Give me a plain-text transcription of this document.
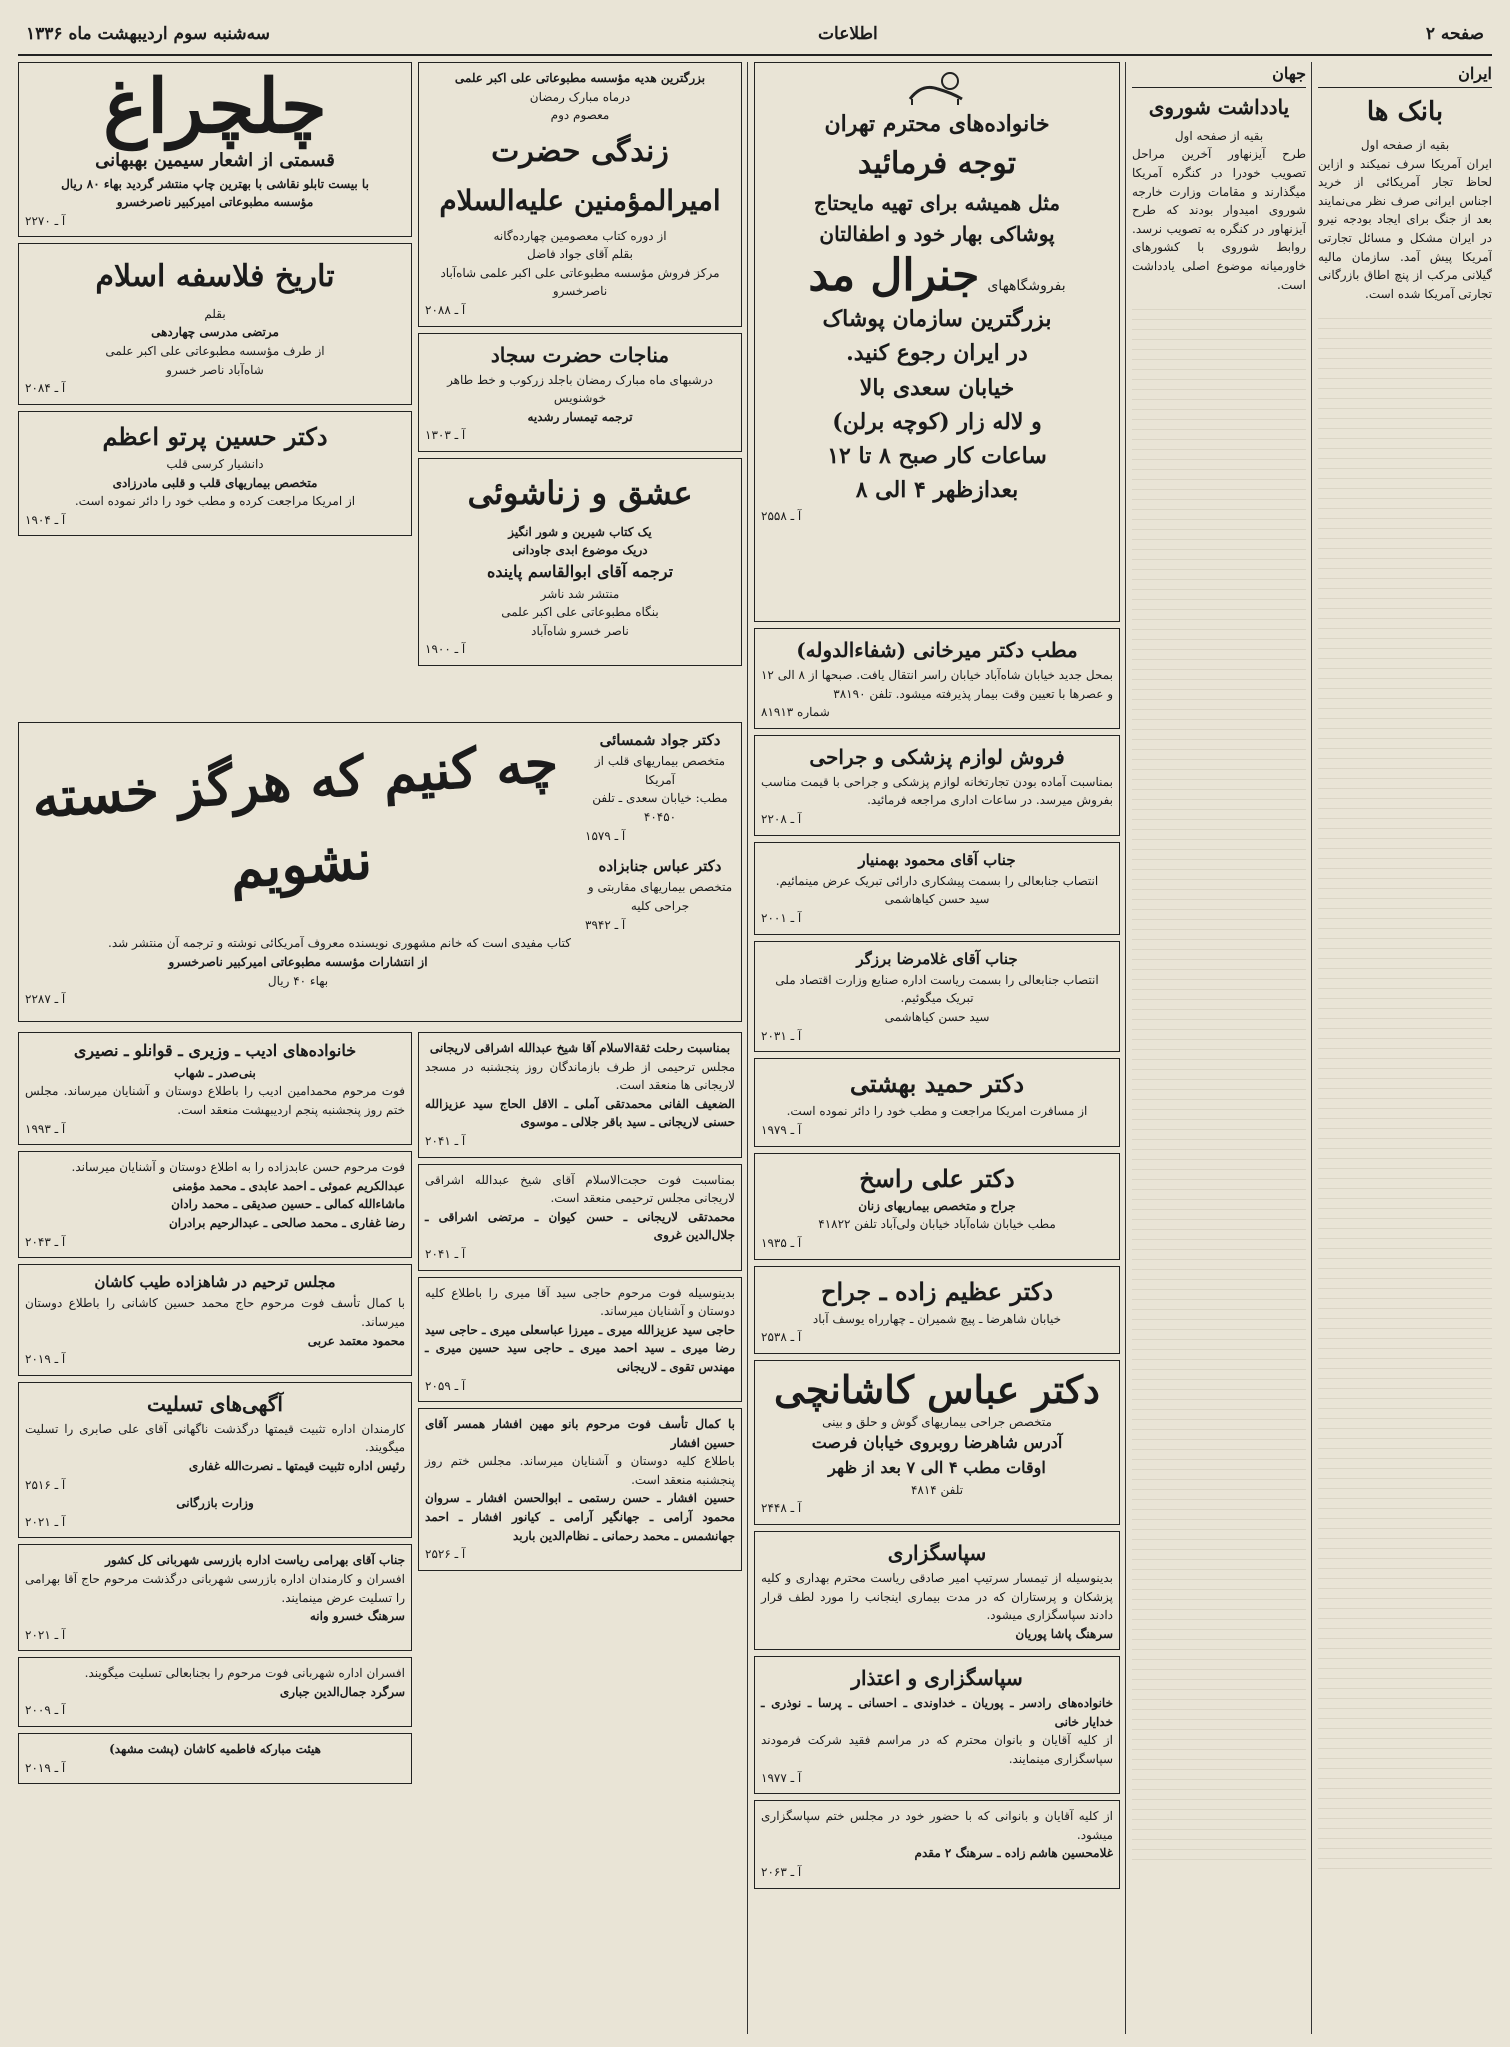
صفحه ۲
اطلاعات
سه‌شنبه سوم اردیبهشت ماه ۱۳۳۶
ایران
بانک ها
بقیه از صفحه اول

ایران آمریکا سرف نمیکند و ازاین لحاظ تجار آمریکائی از خرید اجناس ایرانی صرف نظر می‌نمایند بعد از جنگ برای ایجاد بودجه نیرو در ایران مشکل و مسائل تجارتی آمریکا پیش آمد. سازمان مالیه گیلانی مرکب از پنچ اطاق بازرگانی تجارتی آمریکا شده است.

جهان
یادداشت شوروی
بقیه از صفحه اول

طرح آیزنهاور آخرین مراحل تصویب خودرا در کنگره آمریکا میگذارند و مقامات وزارت خارجه شوروی امیدوار بودند که طرح آیزنهاور در کنگره به تصویب نرسد. روابط شوروی با کشورهای خاورمیانه موضوع اصلی یادداشت است.

خانواده‌های محترم تهران
توجه فرمائید
مثل همیشه برای تهیه مایحتاج
پوشاکی بهار خود و اطفالتان
بفروشگاههای
جنرال مد
بزرگترین سازمان پوشاک
در ایران رجوع کنید.
خیابان سعدی بالا
و لاله زار (کوچه برلن)
ساعات کار صبح ۸ تا ۱۲
بعدازظهر ۴ الی ۸
آ ـ ۲۵۵۸
مطب دکتر میرخانی (شفاءالدوله)
بمحل جدید خیابان شاه‌آباد خیابان راسر انتقال یافت. صبحها از ۸ الی ۱۲ و عصرها با تعیین وقت بیمار پذیرفته میشود. تلفن ۳۸۱۹۰
شماره ۸۱۹۱۳
فروش لوازم پزشکی و جراحی
بمناسبت آماده بودن تجارتخانه لوازم پزشکی و جراحی با قیمت مناسب بفروش میرسد. در ساعات اداری مراجعه فرمائید.
آ ـ ۲۲۰۸
جناب آقای محمود بهمنیار
انتصاب جنابعالی را بسمت پیشکاری دارائی تبریک عرض مینمائیم.
سید حسن کیاهاشمی
آ ـ ۲۰۰۱
جناب آقای غلامرضا برزگر
انتصاب جنابعالی را بسمت ریاست اداره صنایع وزارت اقتصاد ملی تبریک میگوئیم.
سید حسن کیاهاشمی
آ ـ ۲۰۳۱
دکتر حمید بهشتی
از مسافرت امریکا مراجعت و مطب خود را دائر نموده است.
آ ـ ۱۹۷۹
دکتر علی راسخ
جراح و متخصص بیماریهای زنان
مطب خیابان شاه‌آباد خیابان ولی‌آباد تلفن ۴۱۸۲۲
آ ـ ۱۹۳۵
دکتر عظیم زاده ـ جراح
خیابان شاهرضا ـ پیچ شمیران ـ چهارراه یوسف آباد
آ ـ ۲۵۳۸
دکتر عباس کاشانچی
متخصص جراحی بیماریهای گوش و حلق و بینی
آدرس شاهرضا روبروی خیابان فرصت
اوقات مطب ۴ الی ۷ بعد از ظهر
تلفن ۴۸۱۴
آ ـ ۲۴۴۸
سپاسگزاری
بدینوسیله از تیمسار سرتیپ امیر صادقی ریاست محترم بهداری و کلیه پزشکان و پرستاران که در مدت بیماری اینجانب را مورد لطف قرار دادند سپاسگزاری میشود.
سرهنگ پاشا پوریان
سپاسگزاری و اعتذار
خانواده‌های رادسر ـ پوریان ـ خداوندی ـ احسانی ـ پرسا ـ نوذری ـ خدایار خانی
از کلیه آقایان و بانوان محترم که در مراسم فقید شرکت فرمودند سپاسگزاری مینمایند.
آ ـ ۱۹۷۷
از کلیه آقایان و بانوانی که با حضور خود در مجلس ختم سپاسگزاری میشود.
غلامحسین هاشم زاده ـ سرهنگ ۲ مقدم
آ ـ ۲۰۶۳
بزرگترین هدیه مؤسسه مطبوعاتی علی اکبر علمی
درماه مبارک رمضان
معصوم دوم
زندگی حضرت
امیرالمؤمنین علیه‌السلام
از دوره کتاب معصومین چهارده‌گانه
بقلم آقای جواد فاضل
مرکز فروش مؤسسه مطبوعاتی علی اکبر علمی شاه‌آباد ناصرخسرو
آ ـ ۲۰۸۸
مناجات حضرت سجاد
درشبهای ماه مبارک رمضان باجلد زرکوب و خط طاهر خوشنویس
ترجمه تیمسار رشدیه
آ ـ ۱۳۰۳
عشق و زناشوئی
یک کتاب شیرین و شور انگیز
دریک موضوع ابدی جاودانی
ترجمه آقای ابوالقاسم پاینده
منتشر شد ناشر
بنگاه مطبوعاتی علی اکبر علمی
ناصر خسرو شاه‌آباد
آ ـ ۱۹۰۰
چلچراغ
قسمتی از اشعار سیمین بهبهانی
با بیست تابلو نقاشی با بهترین چاپ منتشر گردید بهاء ۸۰ ریال
مؤسسه مطبوعاتی امیرکبیر ناصرخسرو
آ ـ ۲۲۷۰
تاریخ فلاسفه اسلام
بقلم
مرتضی مدرسی چهاردهی
از طرف مؤسسه مطبوعاتی علی اکبر علمی
شاه‌آباد ناصر خسرو
آ ـ ۲۰۸۴
دکتر حسین پرتو اعظم
دانشیار کرسی قلب
متخصص بیماریهای قلب و قلبی مادرزادی
از امریکا مراجعت کرده و مطب خود را دائر نموده است.
آ ـ ۱۹۰۴
دکتر جواد شمسائی
متخصص بیماریهای قلب از آمریکا
مطب: خیابان سعدی ـ تلفن ۴۰۴۵۰
آ ـ ۱۵۷۹
دکتر عباس جنابزاده
متخصص بیماریهای مقاربتی و جراحی کلیه
آ ـ ۳۹۴۲
چه کنیم که هرگز خسته نشویم
کتاب مفیدی است که خانم مشهوری نویسنده معروف آمریکائی نوشته و ترجمه آن منتشر شد.
از انتشارات مؤسسه مطبوعاتی امیرکبیر ناصرخسرو
بهاء ۴۰ ریال
آ ـ ۲۲۸۷
خانواده‌های ادیب ـ وزیری ـ قوانلو ـ نصیری
بنی‌صدر ـ شهاب
فوت مرحوم محمدامین ادیب را باطلاع دوستان و آشنایان میرساند. مجلس ختم روز پنجشنبه پنجم اردیبهشت منعقد است.
آ ـ ۱۹۹۳
فوت مرحوم حسن عابدزاده را به اطلاع دوستان و آشنایان میرساند.
عبدالکریم عموئی ـ احمد عابدی ـ محمد مؤمنی
ماشاءالله کمالی ـ حسین صدیقی ـ محمد رادان
رضا غفاری ـ محمد صالحی ـ عبدالرحیم برادران
آ ـ ۲۰۴۳
مجلس ترحیم در شاهزاده طیب کاشان
با کمال تأسف فوت مرحوم حاج محمد حسین کاشانی را باطلاع دوستان میرساند.
محمود معتمد عربی
آ ـ ۲۰۱۹
آگهی‌های تسلیت
کارمندان اداره تثبیت قیمتها درگذشت ناگهانی آقای علی صابری را تسلیت میگویند.
رئیس اداره تثبیت قیمتها ـ نصرت‌الله غفاری
آ ـ ۲۵۱۶
وزارت بازرگانی
آ ـ ۲۰۲۱
جناب آقای بهرامی ریاست اداره بازرسی شهربانی کل کشور
افسران و کارمندان اداره بازرسی شهربانی درگذشت مرحوم حاج آقا بهرامی را تسلیت عرض مینمایند.
سرهنگ خسرو وانه
آ ـ ۲۰۲۱
افسران اداره شهربانی فوت مرحوم را بجنابعالی تسلیت میگویند.
سرگرد جمال‌الدین جباری
آ ـ ۲۰۰۹
هیئت مبارکه فاطمیه کاشان (پشت مشهد)
آ ـ ۲۰۱۹
بمناسبت رحلت ثقة‌الاسلام آقا شیخ عبدالله اشراقی لاریجانی
مجلس ترحیمی از طرف بازماندگان روز پنجشنبه در مسجد لاریجانی ها منعقد است.
الضعیف الفانی محمدتقی آملی ـ الاقل الحاج سید عزیزالله حسنی لاریجانی ـ سید باقر جلالی ـ موسوی
آ ـ ۲۰۴۱
بمناسبت فوت حجت‌الاسلام آقای شیخ عبدالله اشراقی لاریجانی مجلس ترحیمی منعقد است.
محمدتقی لاریجانی ـ حسن کیوان ـ مرتضی اشراقی ـ جلال‌الدین غروی
آ ـ ۲۰۴۱
بدینوسیله فوت مرحوم حاجی سید آقا میری را باطلاع کلیه دوستان و آشنایان میرساند.
حاجی سید عزیزالله میری ـ میرزا عباسعلی میری ـ حاجی سید رضا میری ـ سید احمد میری ـ حاجی سید حسین میری ـ مهندس تقوی ـ لاریجانی
آ ـ ۲۰۵۹
با کمال تأسف فوت مرحوم بانو مهین افشار همسر آقای حسین افشار
باطلاع کلیه دوستان و آشنایان میرساند. مجلس ختم روز پنجشنبه منعقد است.
حسین افشار ـ حسن رستمی ـ ابوالحسن افشار ـ سروان محمود آرامی ـ جهانگیر آرامی ـ کیانور افشار ـ احمد جهانشمس ـ محمد رحمانی ـ نظام‌الدین باربد
آ ـ ۲۵۲۶
